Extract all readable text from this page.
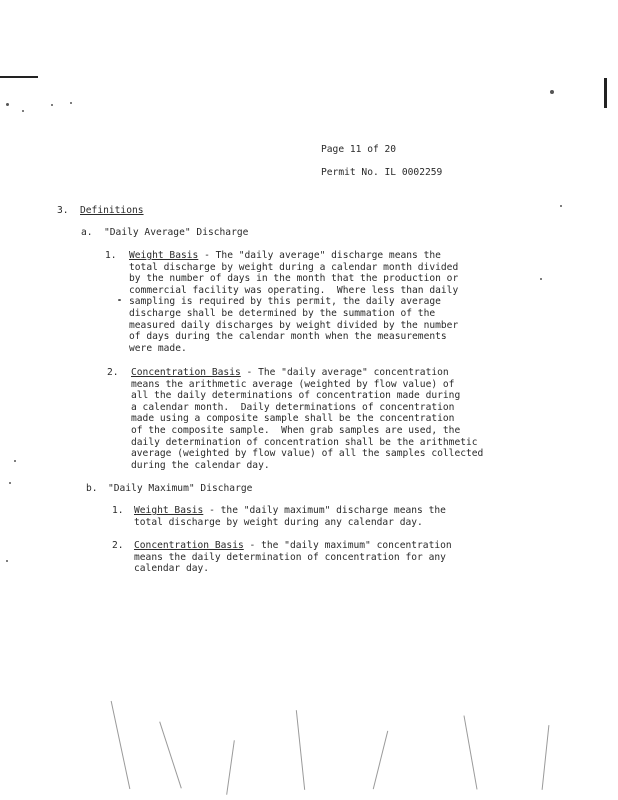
Page 11 of 20
Permit No. IL 0002259
3. Definitions
a. "Daily Average" Discharge
1. Weight Basis - The "daily average" discharge means the
total discharge by weight during a calendar month divided
by the number of days in the month that the production or
commercial facility was operating.  Where less than daily
sampling is required by this permit, the daily average
discharge shall be determined by the summation of the
measured daily discharges by weight divided by the number
of days during the calendar month when the measurements
were made.
2. Concentration Basis - The "daily average" concentration
means the arithmetic average (weighted by flow value) of
all the daily determinations of concentration made during
a calendar month.  Daily determinations of concentration
made using a composite sample shall be the concentration
of the composite sample.  When grab samples are used, the
daily determination of concentration shall be the arithmetic
average (weighted by flow value) of all the samples collected
during the calendar day.
b. "Daily Maximum" Discharge
1. Weight Basis - the "daily maximum" discharge means the
total discharge by weight during any calendar day.
2. Concentration Basis - the "daily maximum" concentration
means the daily determination of concentration for any
calendar day.
